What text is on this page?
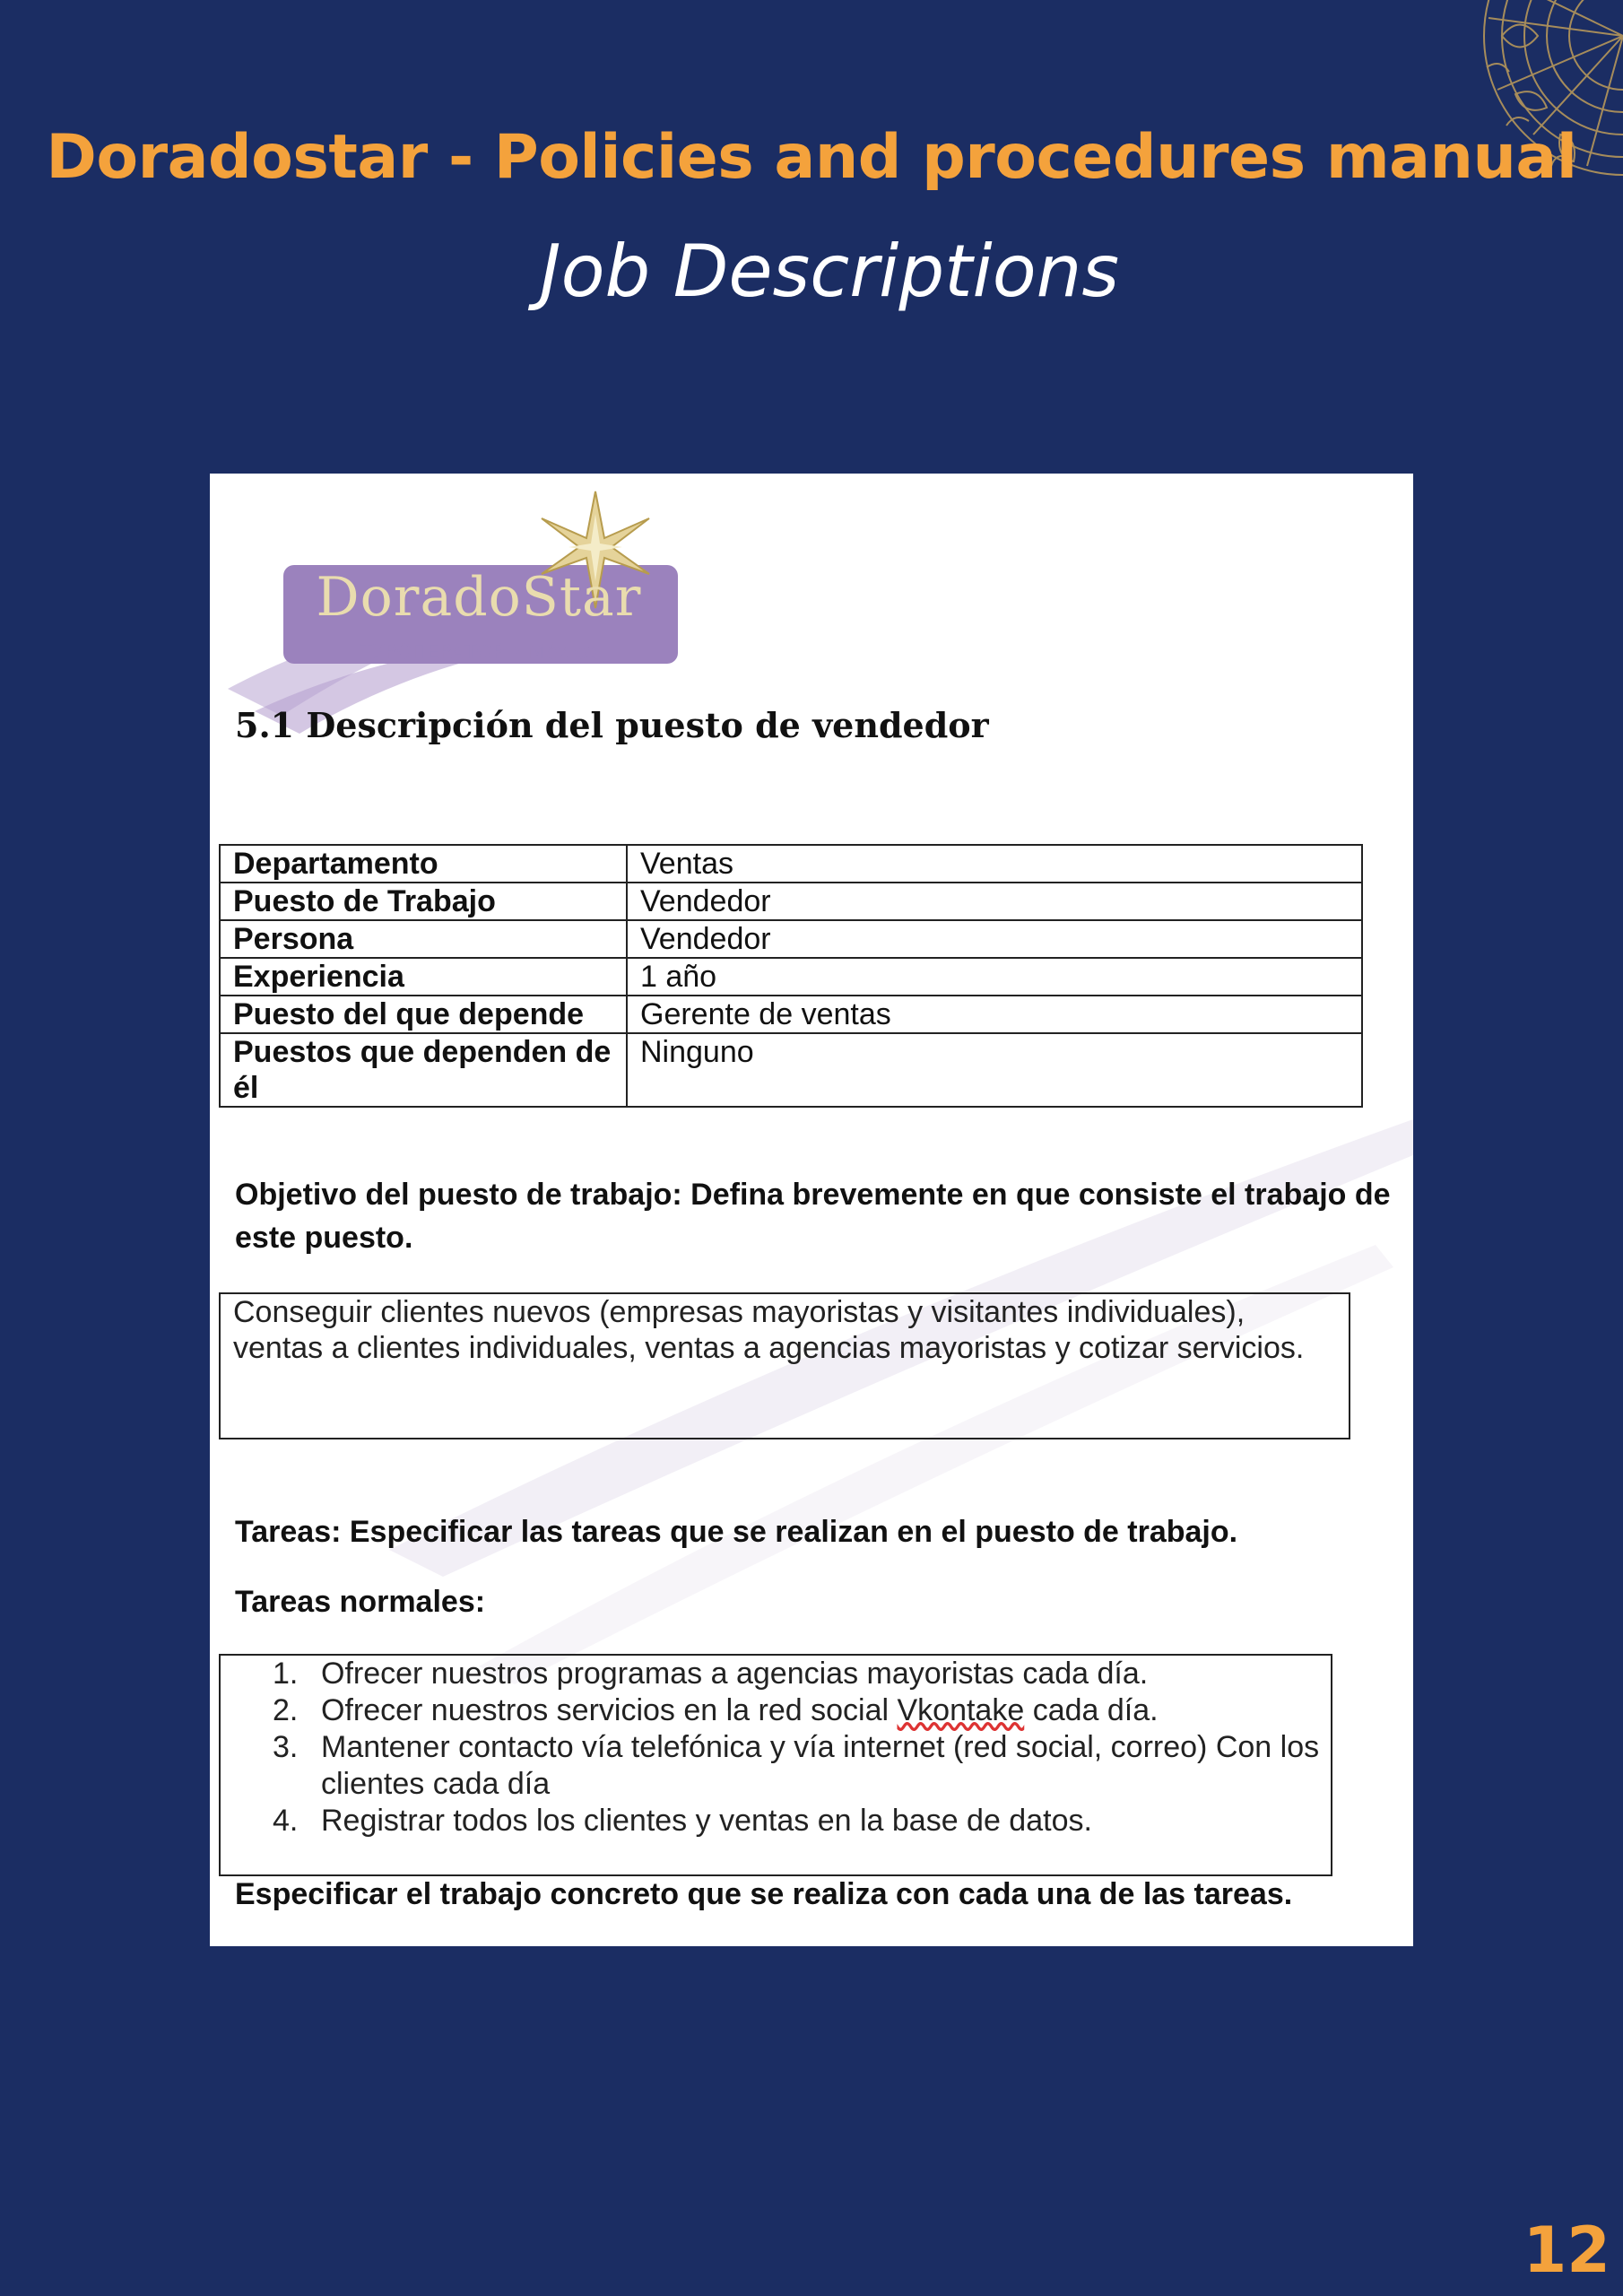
Doradostar - Policies and procedures manual
Job Descriptions
DoradoStar
ТУРОПЕРАТОР • México
5.1 Descripción del puesto de vendedor
Departamento	Ventas
Puesto de Trabajo	Vendedor
Persona	Vendedor
Experiencia	1 año
Puesto del que depende	Gerente de ventas
Puestos que dependen de él	Ninguno
Objetivo del puesto de trabajo: Defina brevemente en que consiste el trabajo de este puesto.

Conseguir clientes nuevos (empresas mayoristas y visitantes individuales), ventas a clientes individuales, ventas a agencias mayoristas y cotizar servicios.

Tareas: Especificar las tareas que se realizan en el puesto de trabajo.
Tareas normales:
1. Ofrecer nuestros programas a agencias mayoristas cada día.
2. Ofrecer nuestros servicios en la red social Vkontake cada día.
3. Mantener contacto vía telefónica y vía internet (red social, correo) Con los clientes cada día
4. Registrar todos los clientes y ventas en la base de datos.
Especificar el trabajo concreto que se realiza con cada una de las tareas.
12
